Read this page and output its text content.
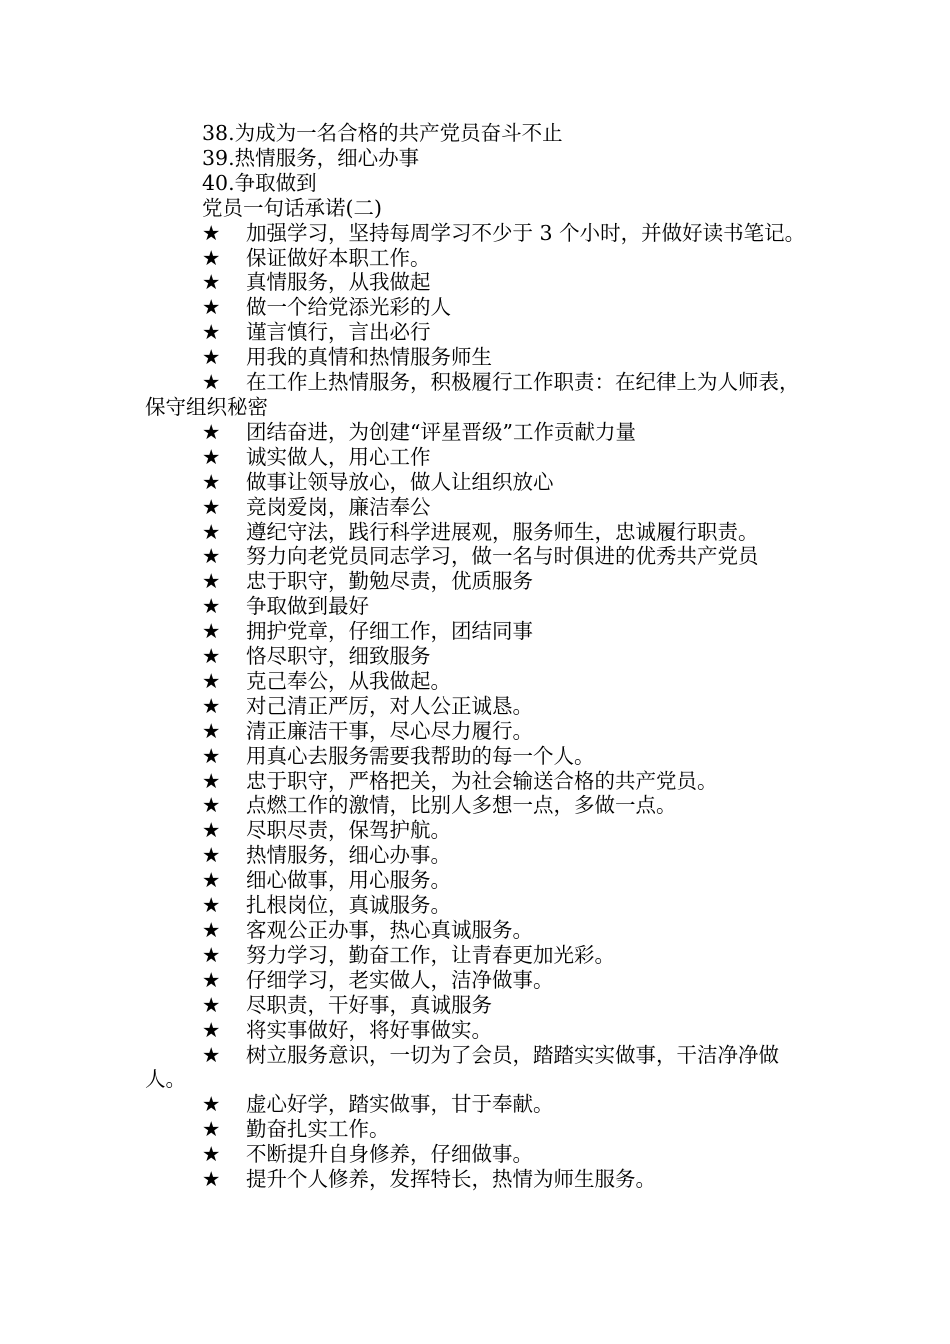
38.为成为一名合格的共产党员奋斗不止

39.热情服务，细心办事

40.争取做到

党员一句话承诺(二)

★ 加强学习，坚持每周学习不少于 3 个小时，并做好读书笔记。

★ 保证做好本职工作。

★ 真情服务，从我做起

★ 做一个给党添光彩的人

★ 谨言慎行，言出必行

★ 用我的真情和热情服务师生

★ 在工作上热情服务，积极履行工作职责：在纪律上为人师表，保守组织秘密

★ 团结奋进，为创建“评星晋级”工作贡献力量

★ 诚实做人，用心工作

★ 做事让领导放心，做人让组织放心

★ 竞岗爱岗，廉洁奉公

★ 遵纪守法，践行科学进展观，服务师生，忠诚履行职责。

★ 努力向老党员同志学习，做一名与时俱进的优秀共产党员

★ 忠于职守，勤勉尽责，优质服务

★ 争取做到最好

★ 拥护党章，仔细工作，团结同事

★ 恪尽职守，细致服务

★ 克己奉公，从我做起。

★ 对己清正严厉，对人公正诚恳。

★ 清正廉洁干事，尽心尽力履行。

★ 用真心去服务需要我帮助的每一个人。

★ 忠于职守，严格把关，为社会输送合格的共产党员。

★ 点燃工作的激情，比别人多想一点，多做一点。

★ 尽职尽责，保驾护航。

★ 热情服务，细心办事。

★ 细心做事，用心服务。

★ 扎根岗位，真诚服务。

★ 客观公正办事，热心真诚服务。

★ 努力学习，勤奋工作，让青春更加光彩。

★ 仔细学习，老实做人，洁净做事。

★ 尽职责，干好事，真诚服务

★ 将实事做好，将好事做实。

★ 树立服务意识，一切为了会员，踏踏实实做事，干洁净净做人。

★ 虚心好学，踏实做事，甘于奉献。

★ 勤奋扎实工作。

★ 不断提升自身修养，仔细做事。

★ 提升个人修养，发挥特长，热情为师生服务。
